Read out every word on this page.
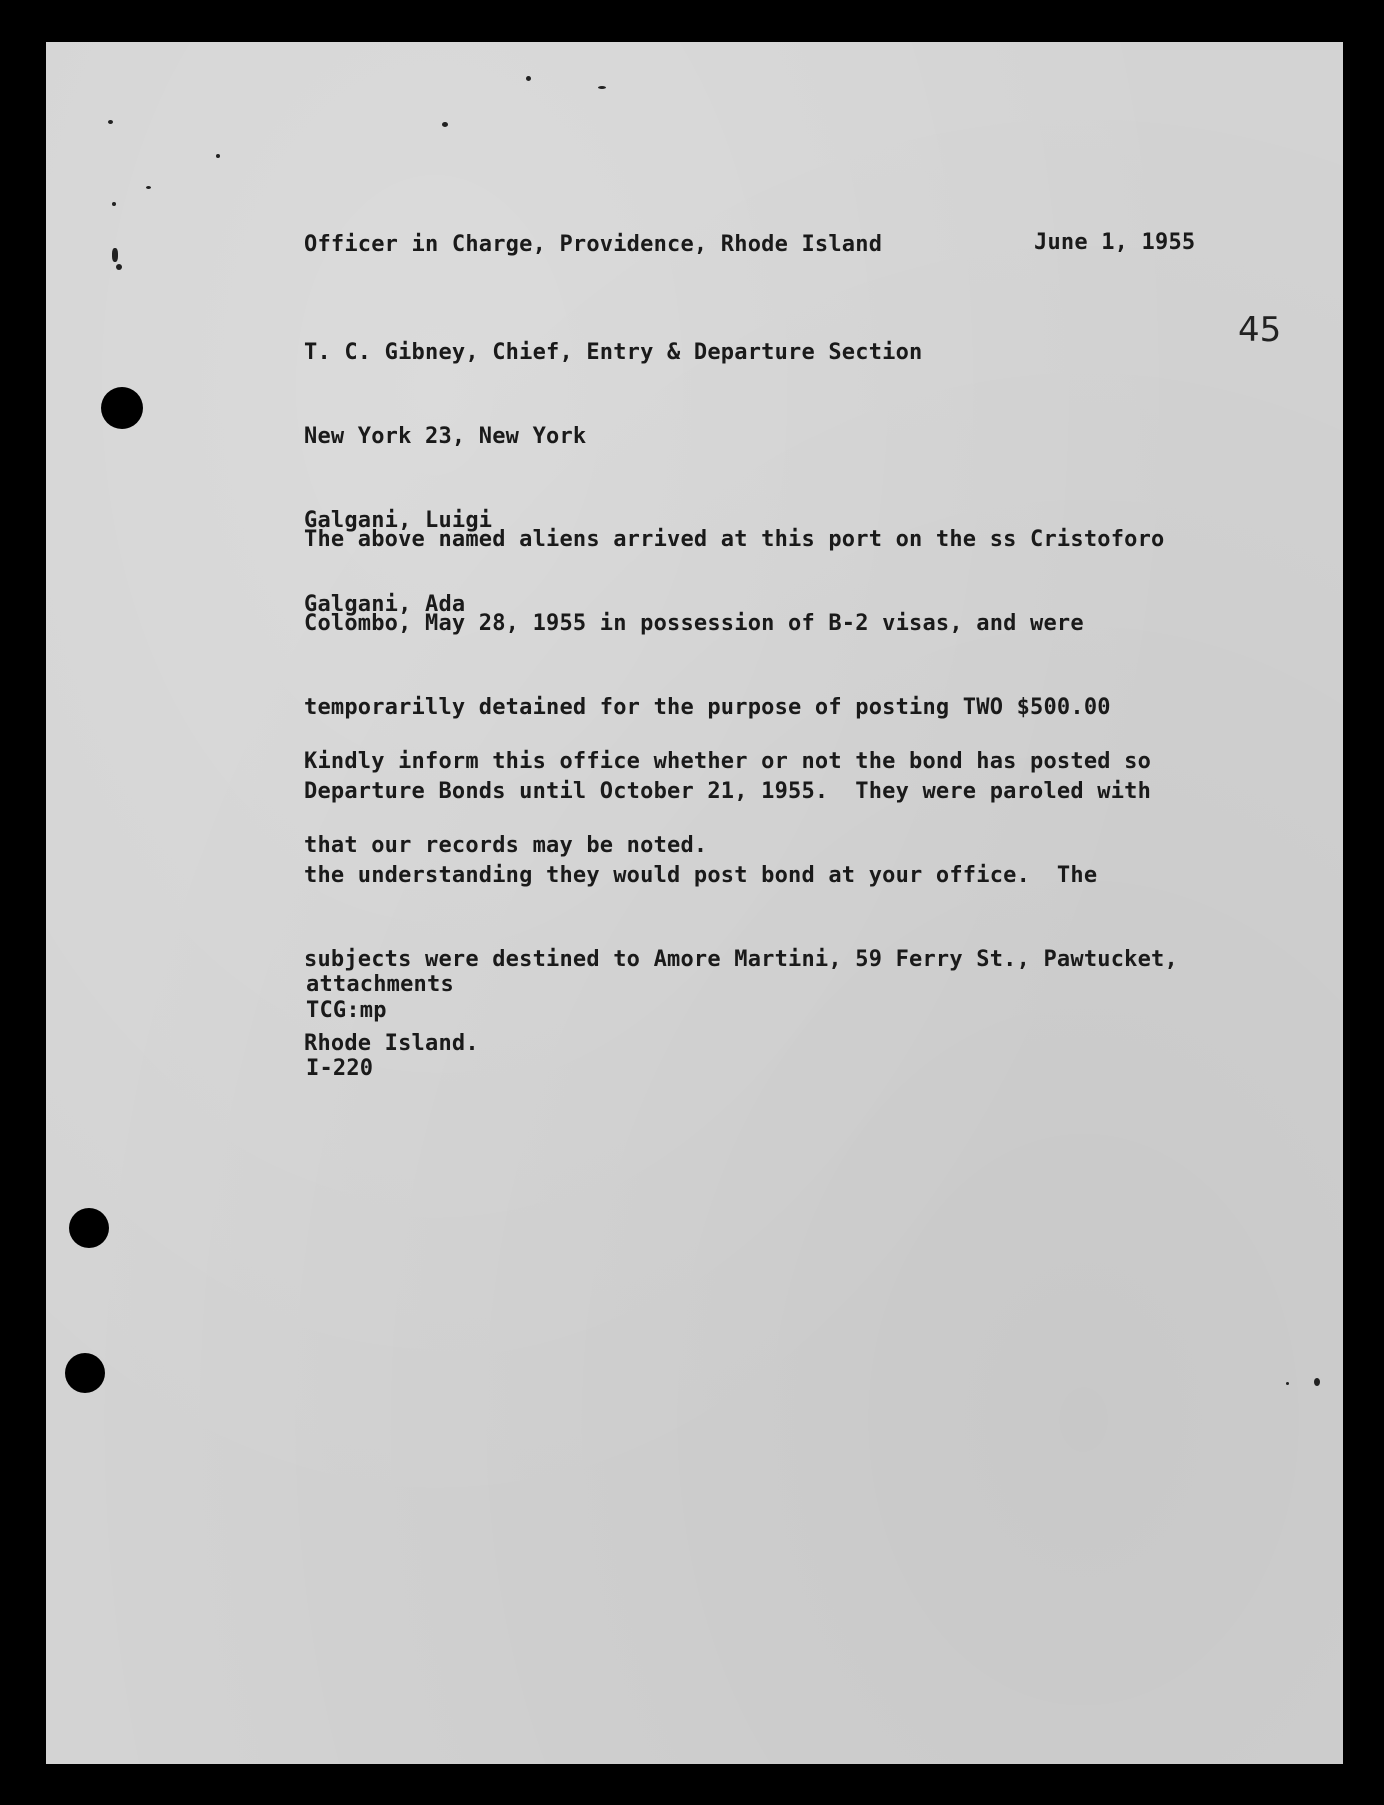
Officer in Charge, Providence, Rhode Island	June 1, 1955
45

T. C. Gibney, Chief, Entry & Departure Section

New York 23, New York

Galgani, Luigi

Galgani, Ada

The above named aliens arrived at this port on the ss Cristoforo

Colombo, May 28, 1955 in possession of B-2 visas, and were

temporarilly detained for the purpose of posting TWO $500.00

Departure Bonds until October 21, 1955.  They were paroled with

the understanding they would post bond at your office.  The

subjects were destined to Amore Martini, 59 Ferry St., Pawtucket,

Rhode Island.

Kindly inform this office whether or not the bond has posted so

that our records may be noted.

attachments

I-220

TCG:mp
